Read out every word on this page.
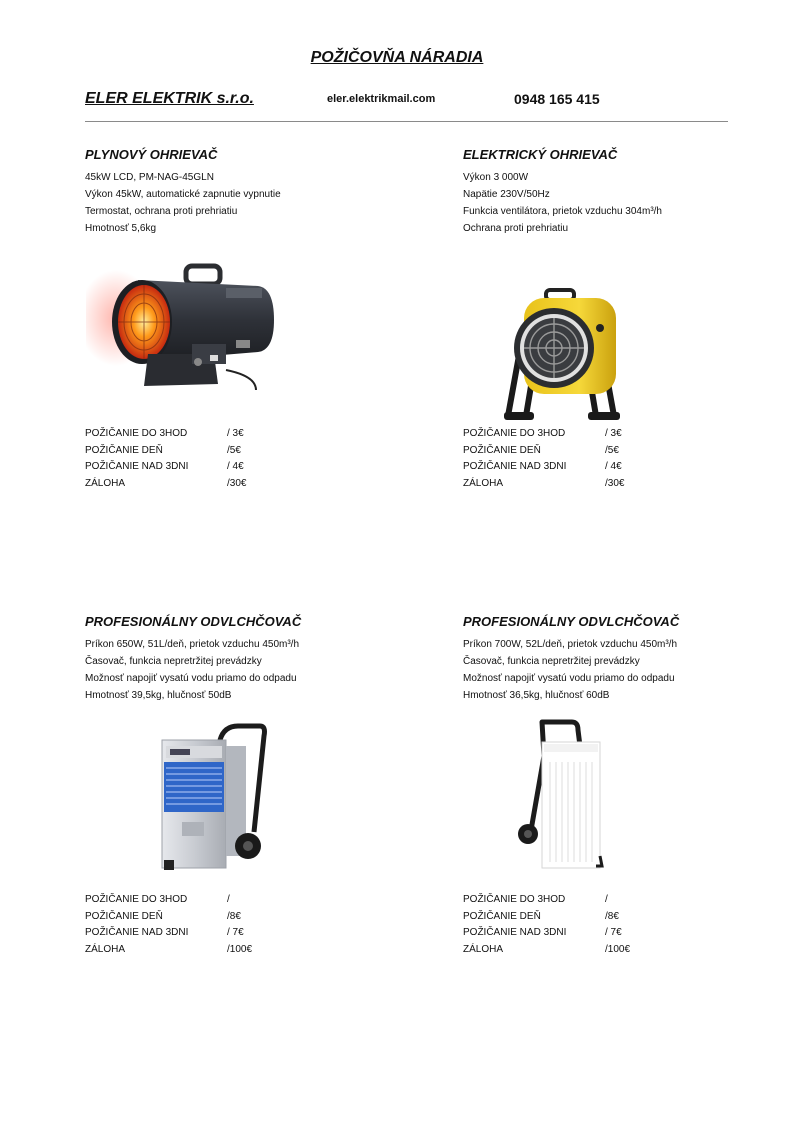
POŽIČOVŇA NÁRADIA
ELER ELEKTRIK s.r.o.	eler.elektrikmail.com	0948 165 415
PLYNOVÝ OHRIEVAČ

45kW LCD, PM-NAG-45GLN

Výkon 45kW, automatické zapnutie vypnutie

Termostat, ochrana proti prehriatiu

Hmotnosť 5,6kg

POŽIČANIE DO 3HOD	/ 3€
POŽIČANIE DEŇ	/5€
POŽIČANIE NAD 3DNI	/ 4€
ZÁLOHA	/30€
ELEKTRICKÝ OHRIEVAČ

Výkon 3 000W

Napätie 230V/50Hz

Funkcia ventilátora, prietok vzduchu 304m³/h

Ochrana proti prehriatiu

POŽIČANIE DO 3HOD	/ 3€
POŽIČANIE DEŇ	/5€
POŽIČANIE NAD 3DNI	/ 4€
ZÁLOHA	/30€
PROFESIONÁLNY ODVLCHČOVAČ

Príkon 650W, 51L/deň, prietok vzduchu 450m³/h

Časovač, funkcia nepretržitej prevádzky

Možnosť napojiť vysatú vodu priamo do odpadu

Hmotnosť 39,5kg, hlučnosť 50dB

POŽIČANIE DO 3HOD	/
POŽIČANIE DEŇ	/8€
POŽIČANIE NAD 3DNI	/ 7€
ZÁLOHA	/100€
PROFESIONÁLNY ODVLCHČOVAČ

Príkon 700W, 52L/deň, prietok vzduchu 450m³/h

Časovač, funkcia nepretržitej prevádzky

Možnosť napojiť vysatú vodu priamo do odpadu

Hmotnosť 36,5kg, hlučnosť 60dB

POŽIČANIE DO 3HOD	/
POŽIČANIE DEŇ	/8€
POŽIČANIE NAD 3DNI	/ 7€
ZÁLOHA	/100€
